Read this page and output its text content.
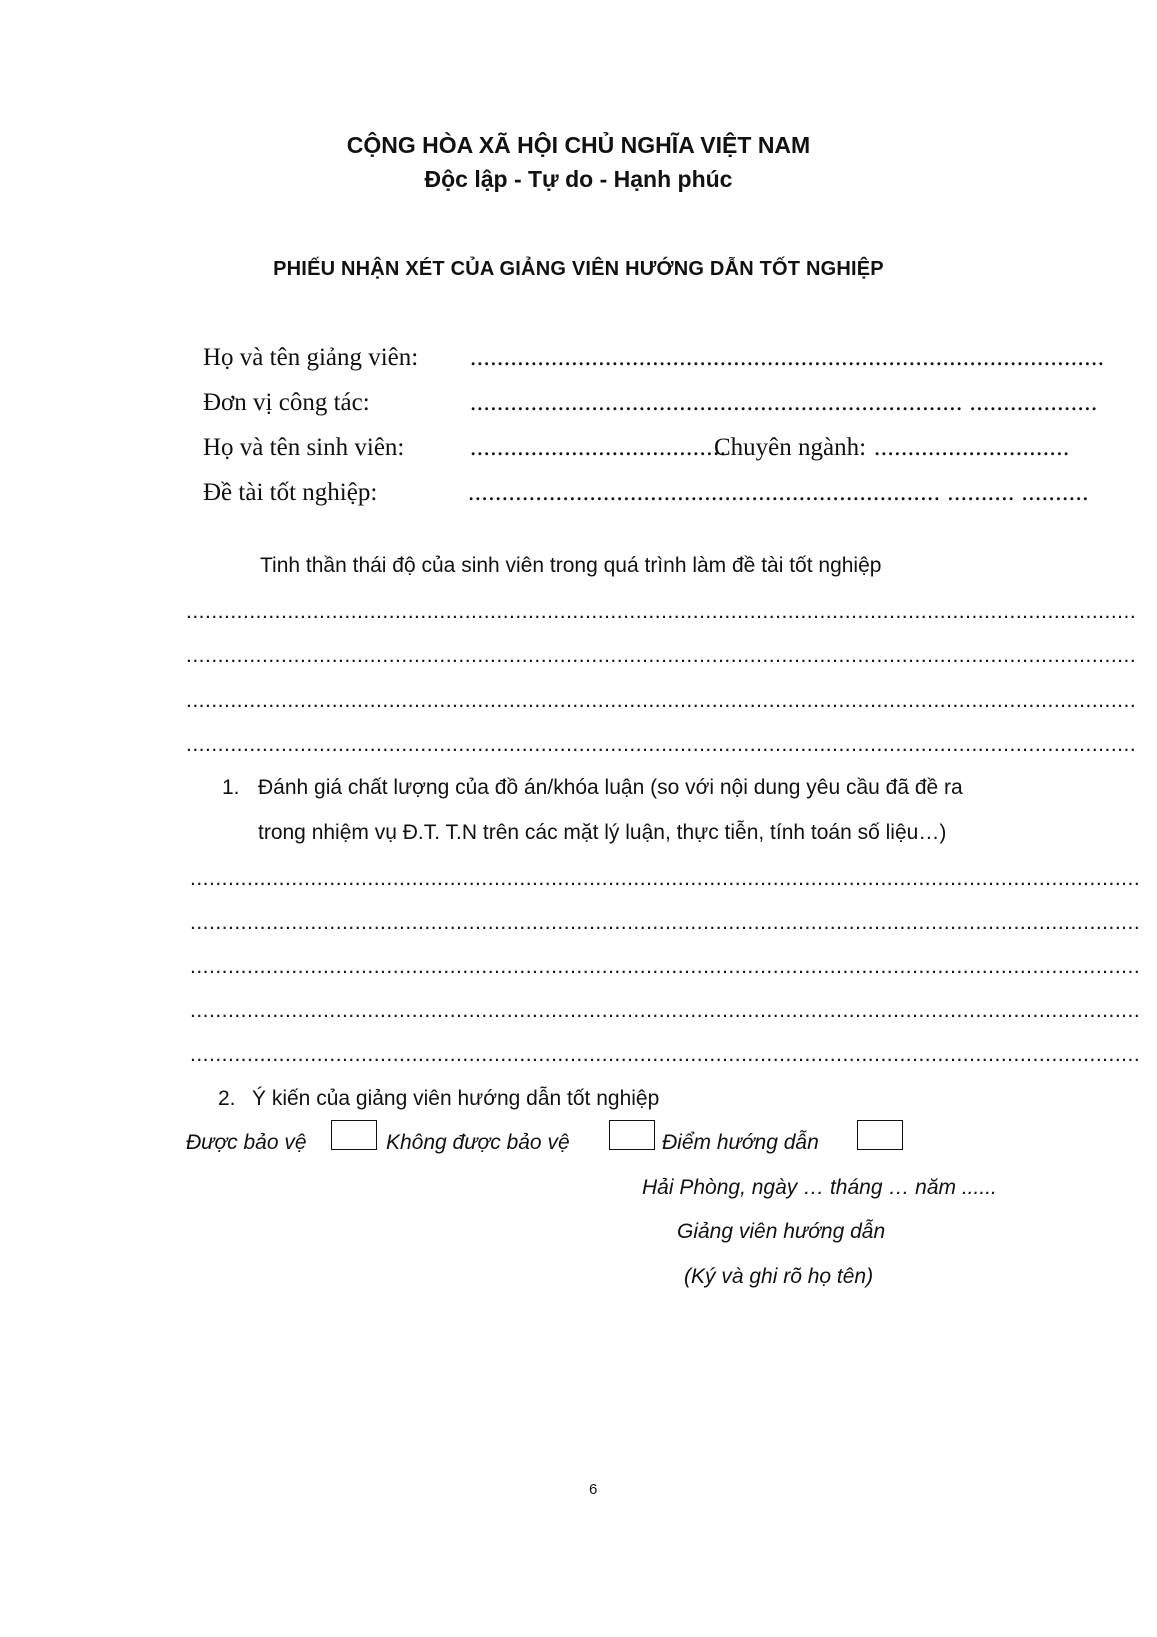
CỘNG HÒA XÃ HỘI CHỦ NGHĨA VIỆT NAM
Độc lập - Tự do - Hạnh phúc
PHIẾU NHẬN XÉT CỦA GIẢNG VIÊN HƯỚNG DẪN TỐT NGHIỆP
Họ và tên giảng viên: ..............................................................................................
Đơn vị công tác:	......................................................................... ...................
Họ và tên sinh viên:	......................................
Chuyên ngành: .............................
Đề tài tốt nghiệp:	...................................................................... .......... ..........
Tinh thần thái độ của sinh viên trong quá trình làm đề tài tốt nghiệp
......................................................................................................................................................
......................................................................................................................................................
......................................................................................................................................................
......................................................................................................................................................
1. Đánh giá chất lượng của đồ án/khóa luận (so với nội dung yêu cầu đã đề ra
trong nhiệm vụ Đ.T. T.N trên các mặt lý luận, thực tiễn, tính toán số liệu…)
......................................................................................................................................................
......................................................................................................................................................
......................................................................................................................................................
......................................................................................................................................................
......................................................................................................................................................
2. Ý kiến của giảng viên hướng dẫn tốt nghiệp
Được bảo vệ	Không được bảo vệ	Điểm hướng dẫn
Hải Phòng, ngày … tháng … năm ......
Giảng viên hướng dẫn
(Ký và ghi rõ họ tên)
6
